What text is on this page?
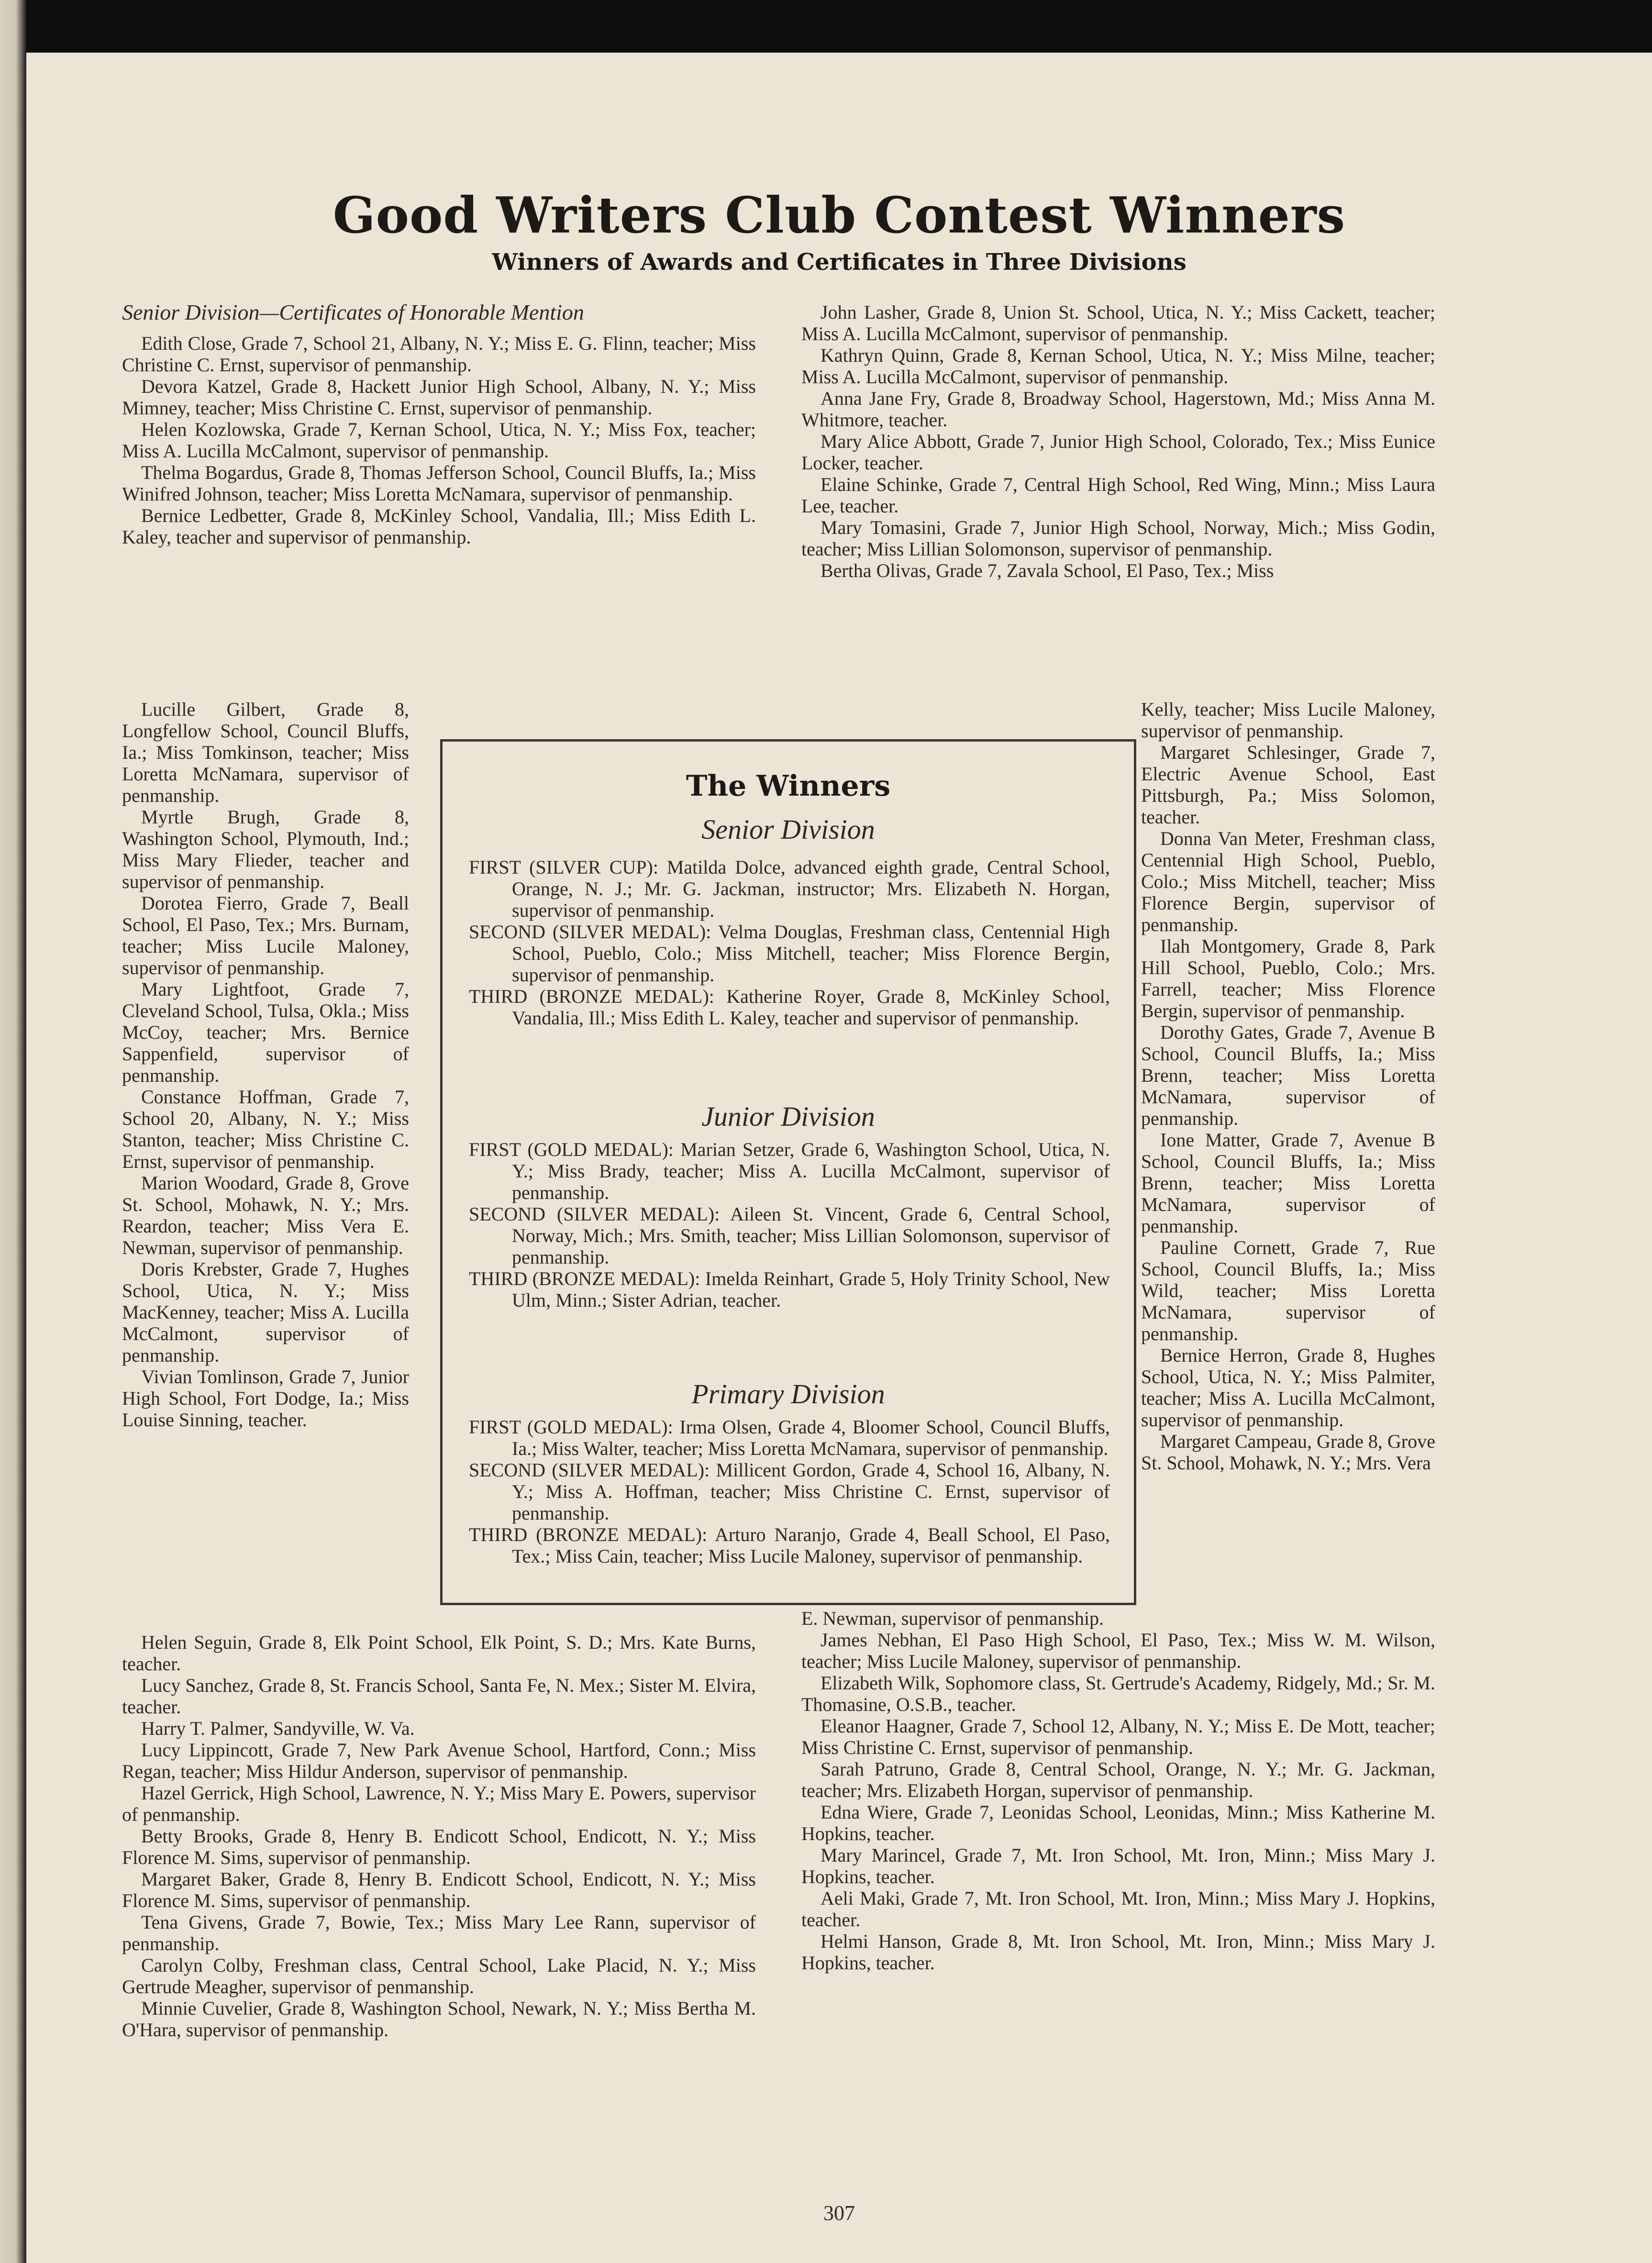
Good Writers Club Contest Winners
Winners of Awards and Certificates in Three Divisions

Senior Division—Certificates of Honorable Mention

Edith Close, Grade 7, School 21, Albany, N. Y.; Miss E. G. Flinn, teacher; Miss Christine C. Ernst, supervisor of penmanship.

Devora Katzel, Grade 8, Hackett Junior High School, Albany, N. Y.; Miss Mimney, teacher; Miss Christine C. Ernst, supervisor of penmanship.

Helen Kozlowska, Grade 7, Kernan School, Utica, N. Y.; Miss Fox, teacher; Miss A. Lucilla McCalmont, supervisor of penmanship.

Thelma Bogardus, Grade 8, Thomas Jefferson School, Council Bluffs, Ia.; Miss Winifred Johnson, teacher; Miss Loretta McNamara, supervisor of penmanship.

Bernice Ledbetter, Grade 8, McKinley School, Vandalia, Ill.; Miss Edith L. Kaley, teacher and supervisor of penmanship.

Lucille Gilbert, Grade 8, Longfellow School, Council Bluffs, Ia.; Miss Tomkinson, teacher; Miss Loretta McNamara, supervisor of penmanship.

Myrtle Brugh, Grade 8, Washington School, Plymouth, Ind.; Miss Mary Flieder, teacher and supervisor of penmanship.

Dorotea Fierro, Grade 7, Beall School, El Paso, Tex.; Mrs. Burnam, teacher; Miss Lucile Maloney, supervisor of penmanship.

Mary Lightfoot, Grade 7, Cleveland School, Tulsa, Okla.; Miss McCoy, teacher; Mrs. Bernice Sappenfield, supervisor of penmanship.

Constance Hoffman, Grade 7, School 20, Albany, N. Y.; Miss Stanton, teacher; Miss Christine C. Ernst, supervisor of penmanship.

Marion Woodard, Grade 8, Grove St. School, Mohawk, N. Y.; Mrs. Reardon, teacher; Miss Vera E. Newman, supervisor of penmanship.

Doris Krebster, Grade 7, Hughes School, Utica, N. Y.; Miss MacKenney, teacher; Miss A. Lucilla McCalmont, supervisor of penmanship.

Vivian Tomlinson, Grade 7, Junior High School, Fort Dodge, Ia.; Miss Louise Sinning, teacher.

Helen Seguin, Grade 8, Elk Point School, Elk Point, S. D.; Mrs. Kate Burns, teacher.

Lucy Sanchez, Grade 8, St. Francis School, Santa Fe, N. Mex.; Sister M. Elvira, teacher.

Harry T. Palmer, Sandyville, W. Va.

Lucy Lippincott, Grade 7, New Park Avenue School, Hartford, Conn.; Miss Regan, teacher; Miss Hildur Anderson, supervisor of penmanship.

Hazel Gerrick, High School, Lawrence, N. Y.; Miss Mary E. Powers, supervisor of penmanship.

Betty Brooks, Grade 8, Henry B. Endicott School, Endicott, N. Y.; Miss Florence M. Sims, supervisor of penmanship.

Margaret Baker, Grade 8, Henry B. Endicott School, Endicott, N. Y.; Miss Florence M. Sims, supervisor of penmanship.

Tena Givens, Grade 7, Bowie, Tex.; Miss Mary Lee Rann, supervisor of penmanship.

Carolyn Colby, Freshman class, Central School, Lake Placid, N. Y.; Miss Gertrude Meagher, supervisor of penmanship.

Minnie Cuvelier, Grade 8, Washington School, Newark, N. Y.; Miss Bertha M. O'Hara, supervisor of penmanship.

John Lasher, Grade 8, Union St. School, Utica, N. Y.; Miss Cackett, teacher; Miss A. Lucilla McCalmont, supervisor of penmanship.

Kathryn Quinn, Grade 8, Kernan School, Utica, N. Y.; Miss Milne, teacher; Miss A. Lucilla McCalmont, supervisor of penmanship.

Anna Jane Fry, Grade 8, Broadway School, Hagerstown, Md.; Miss Anna M. Whitmore, teacher.

Mary Alice Abbott, Grade 7, Junior High School, Colorado, Tex.; Miss Eunice Locker, teacher.

Elaine Schinke, Grade 7, Central High School, Red Wing, Minn.; Miss Laura Lee, teacher.

Mary Tomasini, Grade 7, Junior High School, Norway, Mich.; Miss Godin, teacher; Miss Lillian Solomonson, supervisor of penmanship.

Bertha Olivas, Grade 7, Zavala School, El Paso, Tex.; Miss

Kelly, teacher; Miss Lucile Maloney, supervisor of penmanship.

Margaret Schlesinger, Grade 7, Electric Avenue School, East Pittsburgh, Pa.; Miss Solomon, teacher.

Donna Van Meter, Freshman class, Centennial High School, Pueblo, Colo.; Miss Mitchell, teacher; Miss Florence Bergin, supervisor of penmanship.

Ilah Montgomery, Grade 8, Park Hill School, Pueblo, Colo.; Mrs. Farrell, teacher; Miss Florence Bergin, supervisor of penmanship.

Dorothy Gates, Grade 7, Avenue B School, Council Bluffs, Ia.; Miss Brenn, teacher; Miss Loretta McNamara, supervisor of penmanship.

Ione Matter, Grade 7, Avenue B School, Council Bluffs, Ia.; Miss Brenn, teacher; Miss Loretta McNamara, supervisor of penmanship.

Pauline Cornett, Grade 7, Rue School, Council Bluffs, Ia.; Miss Wild, teacher; Miss Loretta McNamara, supervisor of penmanship.

Bernice Herron, Grade 8, Hughes School, Utica, N. Y.; Miss Palmiter, teacher; Miss A. Lucilla McCalmont, supervisor of penmanship.

Margaret Campeau, Grade 8, Grove St. School, Mohawk, N. Y.; Mrs. Vera

E. Newman, supervisor of penmanship.

James Nebhan, El Paso High School, El Paso, Tex.; Miss W. M. Wilson, teacher; Miss Lucile Maloney, supervisor of penmanship.

Elizabeth Wilk, Sophomore class, St. Gertrude's Academy, Ridgely, Md.; Sr. M. Thomasine, O.S.B., teacher.

Eleanor Haagner, Grade 7, School 12, Albany, N. Y.; Miss E. De Mott, teacher; Miss Christine C. Ernst, supervisor of penmanship.

Sarah Patruno, Grade 8, Central School, Orange, N. Y.; Mr. G. Jackman, teacher; Mrs. Elizabeth Horgan, supervisor of penmanship.

Edna Wiere, Grade 7, Leonidas School, Leonidas, Minn.; Miss Katherine M. Hopkins, teacher.

Mary Marincel, Grade 7, Mt. Iron School, Mt. Iron, Minn.; Miss Mary J. Hopkins, teacher.

Aeli Maki, Grade 7, Mt. Iron School, Mt. Iron, Minn.; Miss Mary J. Hopkins, teacher.

Helmi Hanson, Grade 8, Mt. Iron School, Mt. Iron, Minn.; Miss Mary J. Hopkins, teacher.

The Winners

Senior Division

FIRST (SILVER CUP): Matilda Dolce, advanced eighth grade, Central School, Orange, N. J.; Mr. G. Jackman, instructor; Mrs. Elizabeth N. Horgan, supervisor of penmanship.

SECOND (SILVER MEDAL): Velma Douglas, Freshman class, Centennial High School, Pueblo, Colo.; Miss Mitchell, teacher; Miss Florence Bergin, supervisor of penmanship.

THIRD (BRONZE MEDAL): Katherine Royer, Grade 8, McKinley School, Vandalia, Ill.; Miss Edith L. Kaley, teacher and supervisor of penmanship.

Junior Division

FIRST (GOLD MEDAL): Marian Setzer, Grade 6, Washington School, Utica, N. Y.; Miss Brady, teacher; Miss A. Lucilla McCalmont, supervisor of penmanship.

SECOND (SILVER MEDAL): Aileen St. Vincent, Grade 6, Central School, Norway, Mich.; Mrs. Smith, teacher; Miss Lillian Solomonson, supervisor of penmanship.

THIRD (BRONZE MEDAL): Imelda Reinhart, Grade 5, Holy Trinity School, New Ulm, Minn.; Sister Adrian, teacher.

Primary Division

FIRST (GOLD MEDAL): Irma Olsen, Grade 4, Bloomer School, Council Bluffs, Ia.; Miss Walter, teacher; Miss Loretta McNamara, supervisor of penmanship.

SECOND (SILVER MEDAL): Millicent Gordon, Grade 4, School 16, Albany, N. Y.; Miss A. Hoffman, teacher; Miss Christine C. Ernst, supervisor of penmanship.

THIRD (BRONZE MEDAL): Arturo Naranjo, Grade 4, Beall School, El Paso, Tex.; Miss Cain, teacher; Miss Lucile Maloney, supervisor of penmanship.

307
